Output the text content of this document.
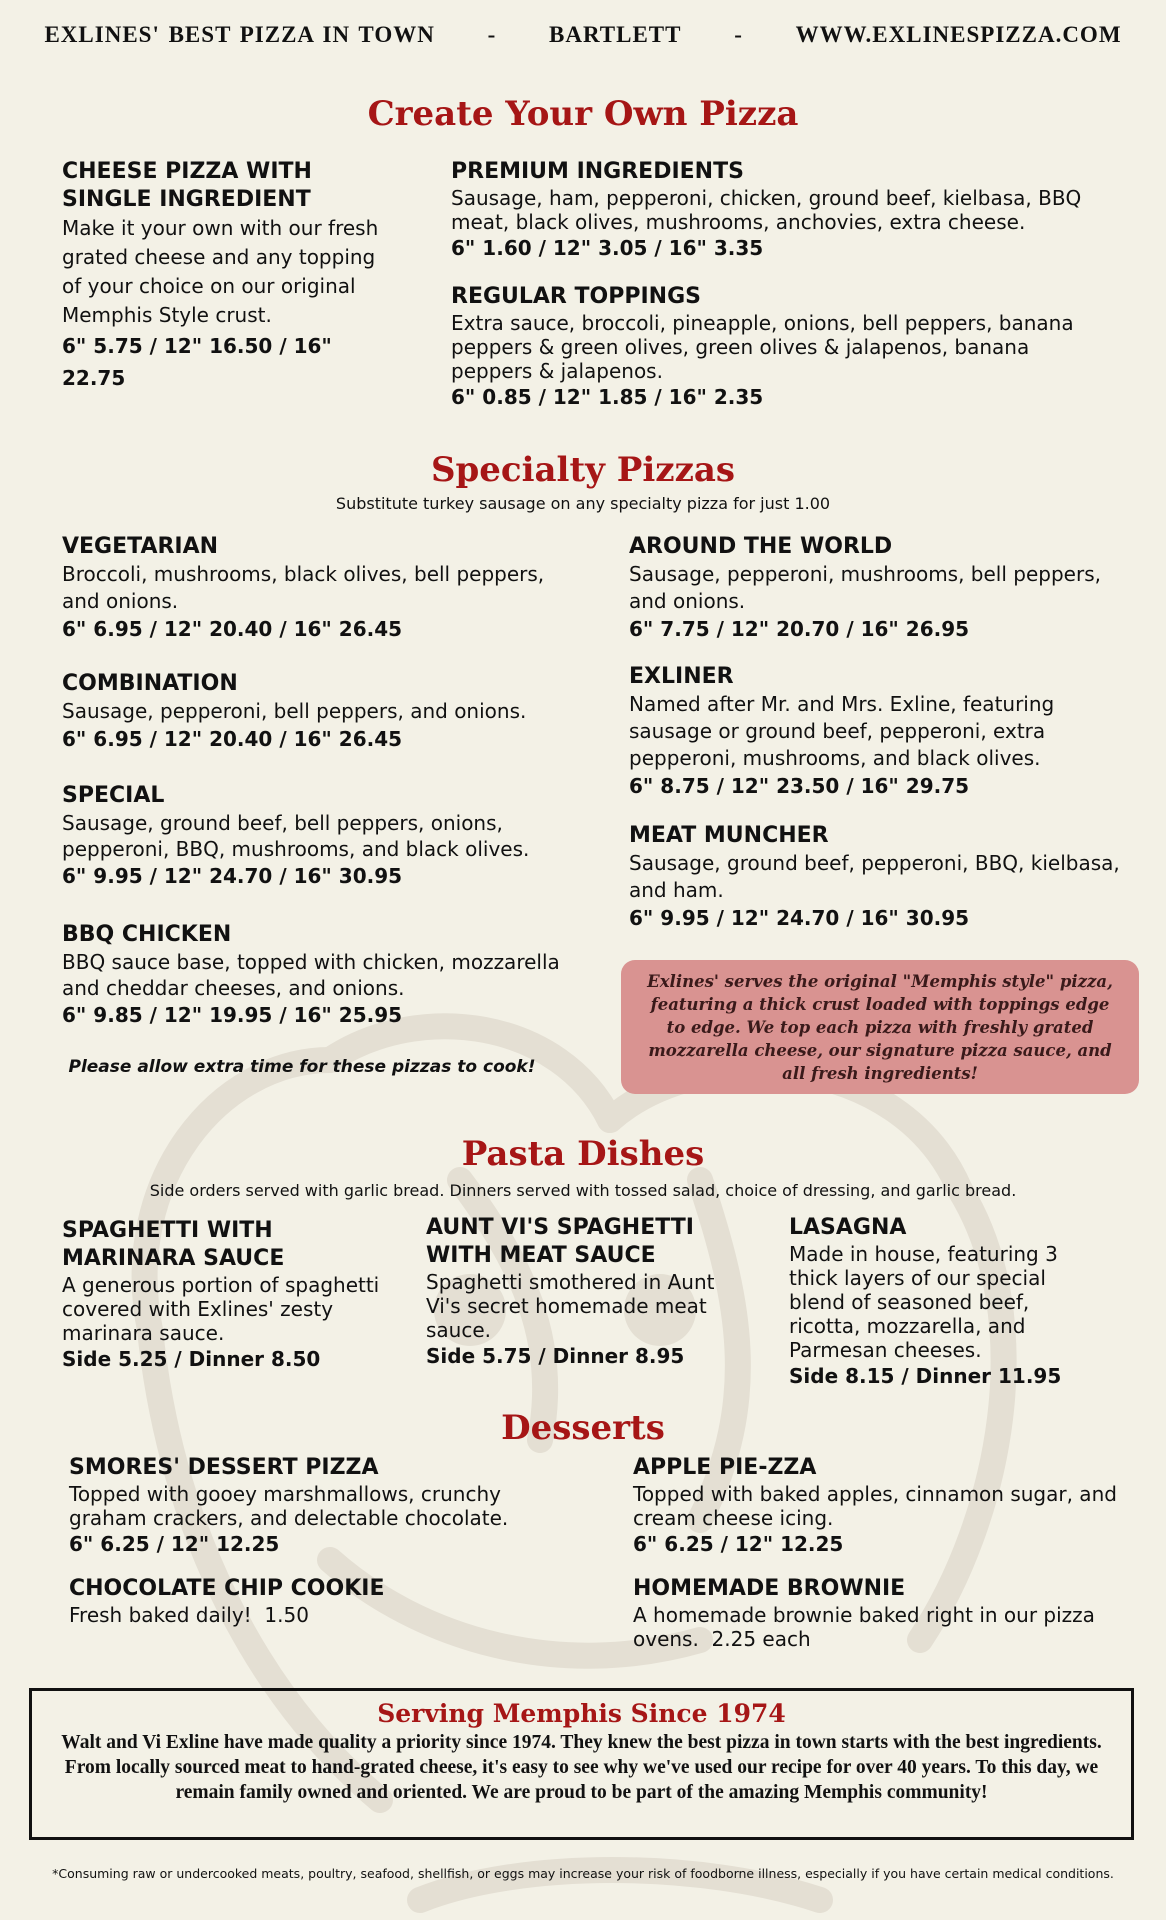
EXLINES' BEST PIZZA IN TOWN - BARTLETT - WWW.EXLINESPIZZA.COM
Create Your Own Pizza
CHEESE PIZZA WITH SINGLE INGREDIENT

Make it your own with our fresh grated cheese and any topping of your choice on our original Memphis Style crust.

6" 5.75 / 12" 16.50 / 16" 22.75

PREMIUM INGREDIENTS

Sausage, ham, pepperoni, chicken, ground beef, kielbasa, BBQ meat, black olives, mushrooms, anchovies, extra cheese.

6" 1.60 / 12" 3.05 / 16" 3.35

REGULAR TOPPINGS

Extra sauce, broccoli, pineapple, onions, bell peppers, banana peppers & green olives, green olives & jalapenos, banana peppers & jalapenos.

6" 0.85 / 12" 1.85 / 16" 2.35

Specialty Pizzas
Substitute turkey sausage on any specialty pizza for just 1.00
VEGETARIAN

Broccoli, mushrooms, black olives, bell peppers, and onions.

6" 6.95 / 12" 20.40 / 16" 26.45

COMBINATION

Sausage, pepperoni, bell peppers, and onions.

6" 6.95 / 12" 20.40 / 16" 26.45

SPECIAL

Sausage, ground beef, bell peppers, onions, pepperoni, BBQ, mushrooms, and black olives.

6" 9.95 / 12" 24.70 / 16" 30.95

BBQ CHICKEN

BBQ sauce base, topped with chicken, mozzarella and cheddar cheeses, and onions.

6" 9.85 / 12" 19.95 / 16" 25.95

Please allow extra time for these pizzas to cook!
AROUND THE WORLD

Sausage, pepperoni, mushrooms, bell peppers, and onions.

6" 7.75 / 12" 20.70 / 16" 26.95

EXLINER

Named after Mr. and Mrs. Exline, featuring sausage or ground beef, pepperoni, extra pepperoni, mushrooms, and black olives.

6" 8.75 / 12" 23.50 / 16" 29.75

MEAT MUNCHER

Sausage, ground beef, pepperoni, BBQ, kielbasa, and ham.

6" 9.95 / 12" 24.70 / 16" 30.95

Exlines' serves the original "Memphis style" pizza, featuring a thick crust loaded with toppings edge to edge. We top each pizza with freshly grated mozzarella cheese, our signature pizza sauce, and all fresh ingredients!
Pasta Dishes
Side orders served with garlic bread. Dinners served with tossed salad, choice of dressing, and garlic bread.
SPAGHETTI WITH MARINARA SAUCE

A generous portion of spaghetti covered with Exlines' zesty marinara sauce.

Side 5.25 / Dinner 8.50

AUNT VI'S SPAGHETTI WITH MEAT SAUCE

Spaghetti smothered in Aunt Vi's secret homemade meat sauce.

Side 5.75 / Dinner 8.95

LASAGNA

Made in house, featuring 3 thick layers of our special blend of seasoned beef, ricotta, mozzarella, and Parmesan cheeses.

Side 8.15 / Dinner 11.95

Desserts
SMORES' DESSERT PIZZA

Topped with gooey marshmallows, crunchy graham crackers, and delectable chocolate.

6" 6.25 / 12" 12.25

CHOCOLATE CHIP COOKIE

Fresh baked daily!  1.50

APPLE PIE-ZZA

Topped with baked apples, cinnamon sugar, and cream cheese icing.

6" 6.25 / 12" 12.25

HOMEMADE BROWNIE

A homemade brownie baked right in our pizza ovens.  2.25 each

Serving Memphis Since 1974

Walt and Vi Exline have made quality a priority since 1974. They knew the best pizza in town starts with the best ingredients. From locally sourced meat to hand-grated cheese, it's easy to see why we've used our recipe for over 40 years. To this day, we remain family owned and oriented. We are proud to be part of the amazing Memphis community!

*Consuming raw or undercooked meats, poultry, seafood, shellfish, or eggs may increase your risk of foodborne illness, especially if you have certain medical conditions.
